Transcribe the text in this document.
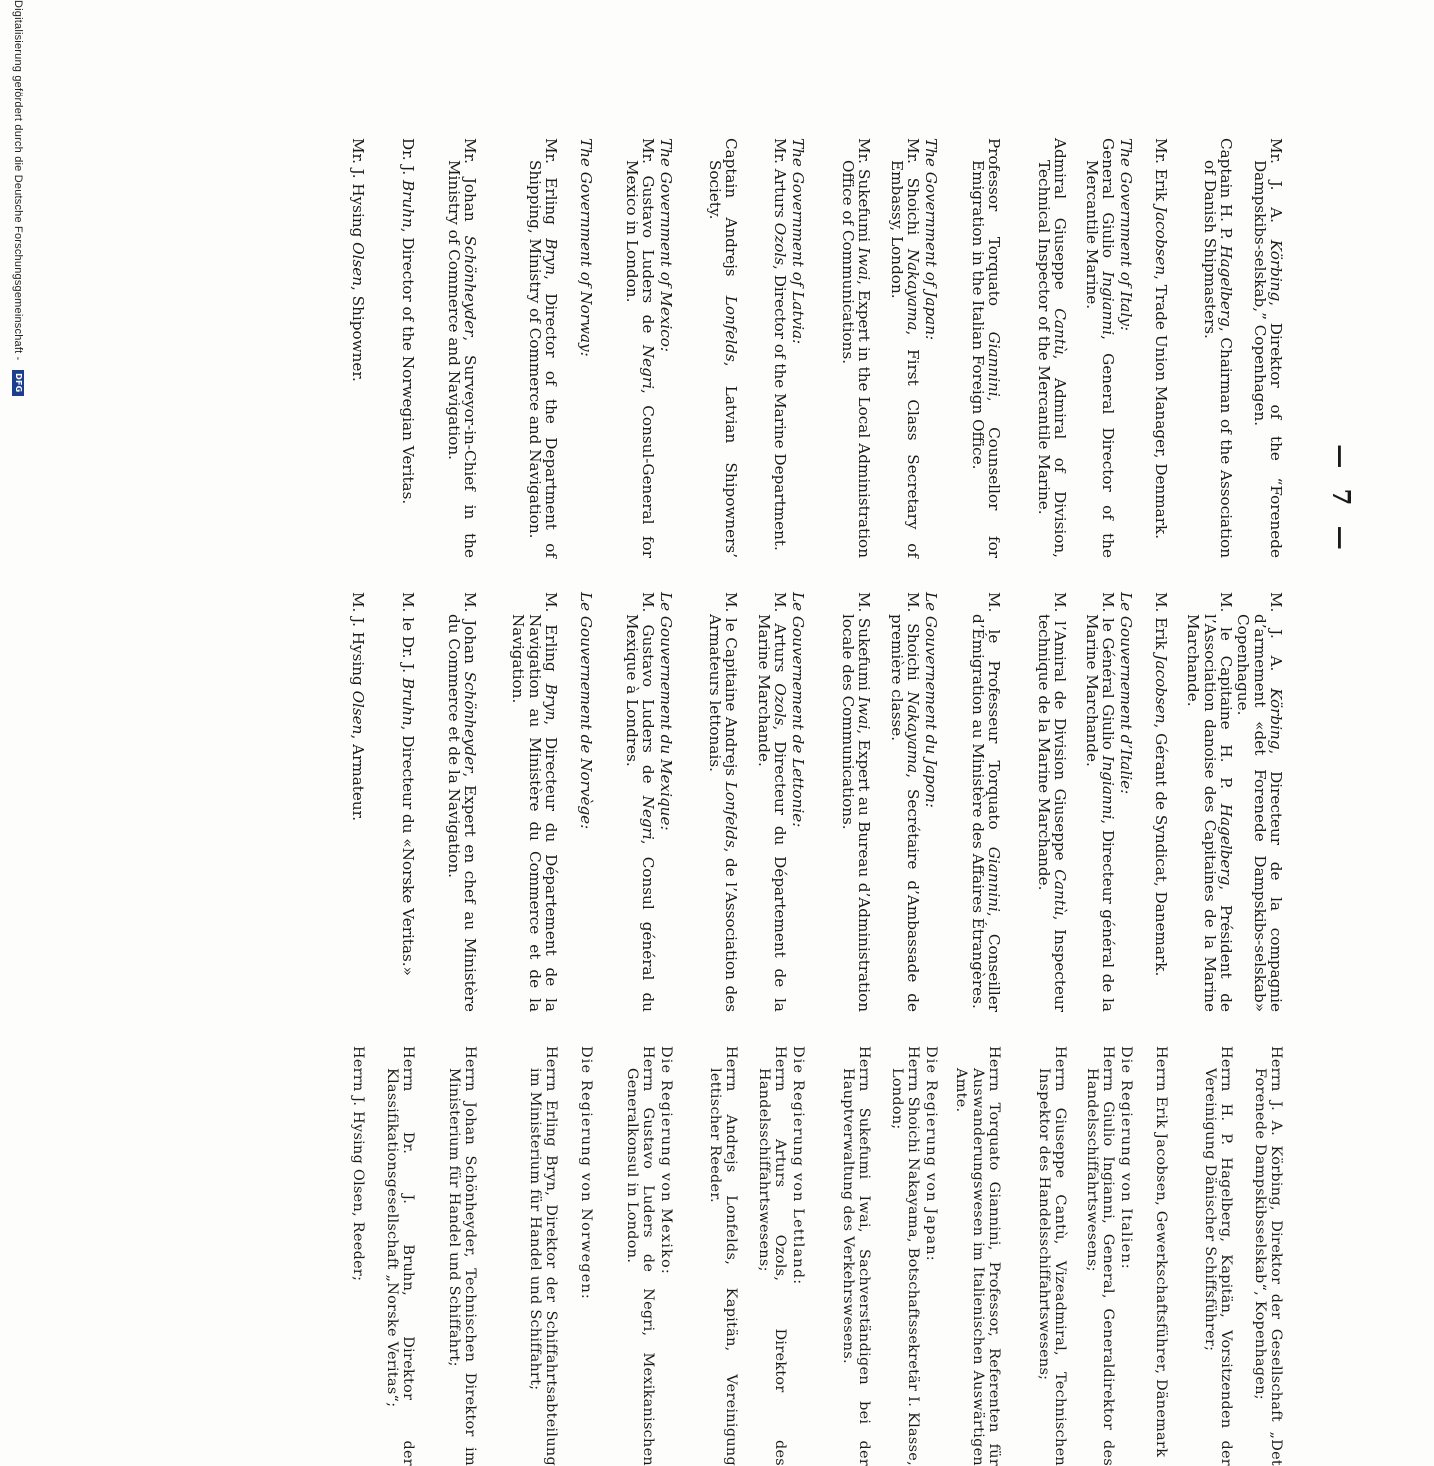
— 7 —
Mr. J. A. Körbing, Direktor of the “Forenede Dampskibs-selskab,” Copenhagen.
Captain H. P. Hagelberg, Chairman of the Association of Danish Shipmasters.
Mr. Erik Jacobsen, Trade Union Manager, Denmark.
The Government of Italy:
General Giulio Ingianni, General Director of the Mercantile Marine.
Admiral Giuseppe Cantù, Admiral of Division, Technical Inspector of the Mercantile Marine.
Professor Torquato Giannini, Counsellor for Emigration in the Italian Foreign Office.
The Government of Japan:
Mr. Shoichi Nakayama, First Class Secretary of Embassy, London.
Mr. Sukefumi Iwai, Expert in the Local Administration Office of Communications.
The Government of Latvia:
Mr. Arturs Ozols, Director of the Marine Department.
Captain Andrejs Lonfelds, Latvian Shipowners’ Society.
The Government of Mexico:
Mr. Gustavo Luders de Negri, Consul-General for Mexico in London.
The Government of Norway:
Mr. Erling Bryn, Director of the Department of Shipping, Ministry of Commerce and Navigation.
Mr. Johan Schönheyder, Surveyor-in-Chief in the Ministry of Commerce and Navigation.
Dr. J. Bruhn, Director of the Norwegian Veritas.
Mr. J. Hysing Olsen, Shipowner.
M. J. A. Körbing, Directeur de la compagnie d’armement «det Forenede Dampskibs-selskab» Copenhague.
M. le Capitaine H. P. Hagelberg, Président de l’Association danoise des Capitaines de la Marine Marchande.
M. Erik Jacobsen, Gérant de Syndicat, Danemark.
Le Gouvernement d’Italie:
M. le Général Giulio Ingianni, Directeur général de la Marine Marchande.
M. l’Amiral de Division Giuseppe Cantù, Inspecteur technique de la Marine Marchande.
M. le Professeur Torquato Giannini, Conseiller d’Émigration au Ministère des Affaires Étrangères.
Le Gouvernement du Japon:
M. Shoichi Nakayama, Secrétaire d’Ambassade de première classe.
M. Sukefumi Iwai, Expert au Bureau d’Administration locale des Communications.
Le Gouvernement de Lettonie:
M. Arturs Ozols, Directeur du Département de la Marine Marchande.
M. le Capitaine Andrejs Lonfelds, de l’Association des Armateurs lettonais.
Le Gouvernement du Mexique:
M. Gustavo Luders de Negri, Consul général du Mexique à Londres.
Le Gouvernement de Norvège:
M. Erling Bryn, Directeur du Département de la Navigation au Ministère du Commerce et de la Navigation.
M. Johan Schönheyder, Expert en chef au Ministère du Commerce et de la Navigation.
M. le Dr. J. Bruhn, Directeur du «Norske Veritas.»
M. J. Hysing Olsen, Armateur.
Herrn J. A. Körbing, Direktor der Gesellschaft „Det Forenede Dampskibsselskab“, Kopenhagen;
Herrn H. P. Hagelberg, Kapitän, Vorsitzenden der Vereinigung Dänischer Schiffsführer;
Herrn Erik Jacobsen, Gewerkschaftsführer, Dänemark
Die Regierung von Italien:
Herrn Giulio Ingianni, General, Generaldirektor des Handelsschiffahrtswesens;
Herrn Giuseppe Cantù, Vizeadmiral, Technischen Inspektor des Handelsschiffahrtswesens;
Herrn Torquato Giannini, Professor, Referenten für Auswanderungswesen im Italienischen Auswärtigen Amte.
Die Regierung von Japan:
Herrn Shoichi Nakayama, Botschaftssekretär I. Klasse, London;
Herrn Sukefumi Iwai, Sachverständigen bei der Hauptverwaltung des Verkehrswesens.
Die Regierung von Lettland:
Herrn Arturs Ozols, Direktor des Handelsschiffahrtswesens;
Herrn Andrejs Lonfelds, Kapitän, Vereinigung lettischer Reeder.
Die Regierung von Mexiko:
Herrn Gustavo Luders de Negri, Mexikanischen Generalkonsul in London.
Die Regierung von Norwegen:
Herrn Erling Bryn, Direktor der Schiffahrtsabteilung im Ministerium für Handel und Schiffahrt;
Herrn Johan Schönheyder, Technischen Direktor im Ministerium für Handel und Schiffahrt;
Herrn Dr. J. Bruhn, Direktor der Klassifikationsgesellschaft „Norske Veritas“;
Herrn J. Hysing Olsen, Reeder;
Digitalisierung gefördert durch die Deutsche Forschungsgemeinschaft - DFG
